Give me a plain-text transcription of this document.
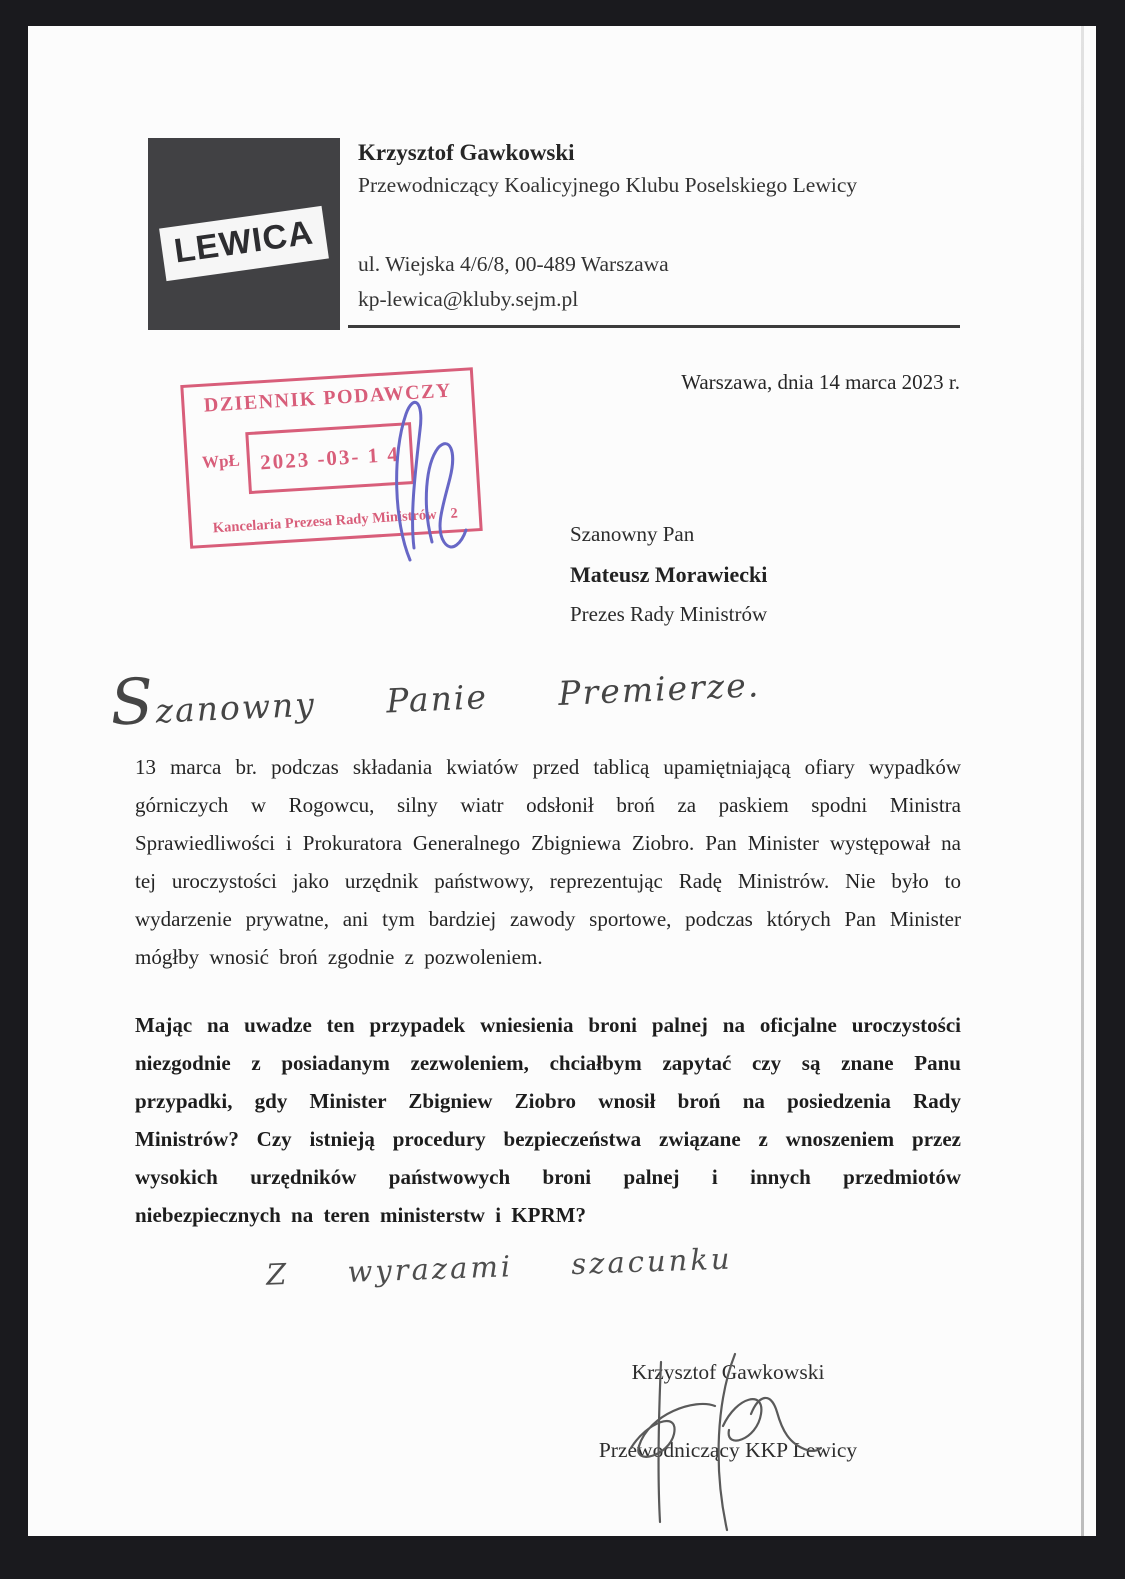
LEWICA
Krzysztof Gawkowski
Przewodniczący Koalicyjnego Klubu Poselskiego Lewicy
ul. Wiejska 4/6/8, 00-489 Warszawa
kp-lewica@kluby.sejm.pl
DZIENNIK PODAWCZY
WpŁ 2023 -03- 1 4
Kancelaria Prezesa Rady Ministrów 2
Warszawa, dnia 14 marca 2023 r.
Szanowny Pan
Mateusz Morawiecki
Prezes Rady Ministrów
Szanowny Panie Premierze.
13 marca br. podczas składania kwiatów przed tablicą upamiętniającą ofiary wypadków górniczych w Rogowcu, silny wiatr odsłonił broń za paskiem spodni Ministra Sprawiedliwości i Prokuratora Generalnego Zbigniewa Ziobro. Pan Minister występował na tej uroczystości jako urzędnik państwowy, reprezentując Radę Ministrów. Nie było to wydarzenie prywatne, ani tym bardziej zawody sportowe, podczas których Pan Minister mógłby wnosić broń zgodnie z pozwoleniem.
Mając na uwadze ten przypadek wniesienia broni palnej na oficjalne uroczystości niezgodnie z posiadanym zezwoleniem, chciałbym zapytać czy są znane Panu przypadki, gdy Minister Zbigniew Ziobro wnosił broń na posiedzenia Rady Ministrów? Czy istnieją procedury bezpieczeństwa związane z wnoszeniem przez wysokich urzędników państwowych broni palnej i innych przedmiotów niebezpiecznych na teren ministerstw i KPRM?
Z wyrazami szacunku
Krzysztof Gawkowski
Przewodniczący KKP Lewicy
